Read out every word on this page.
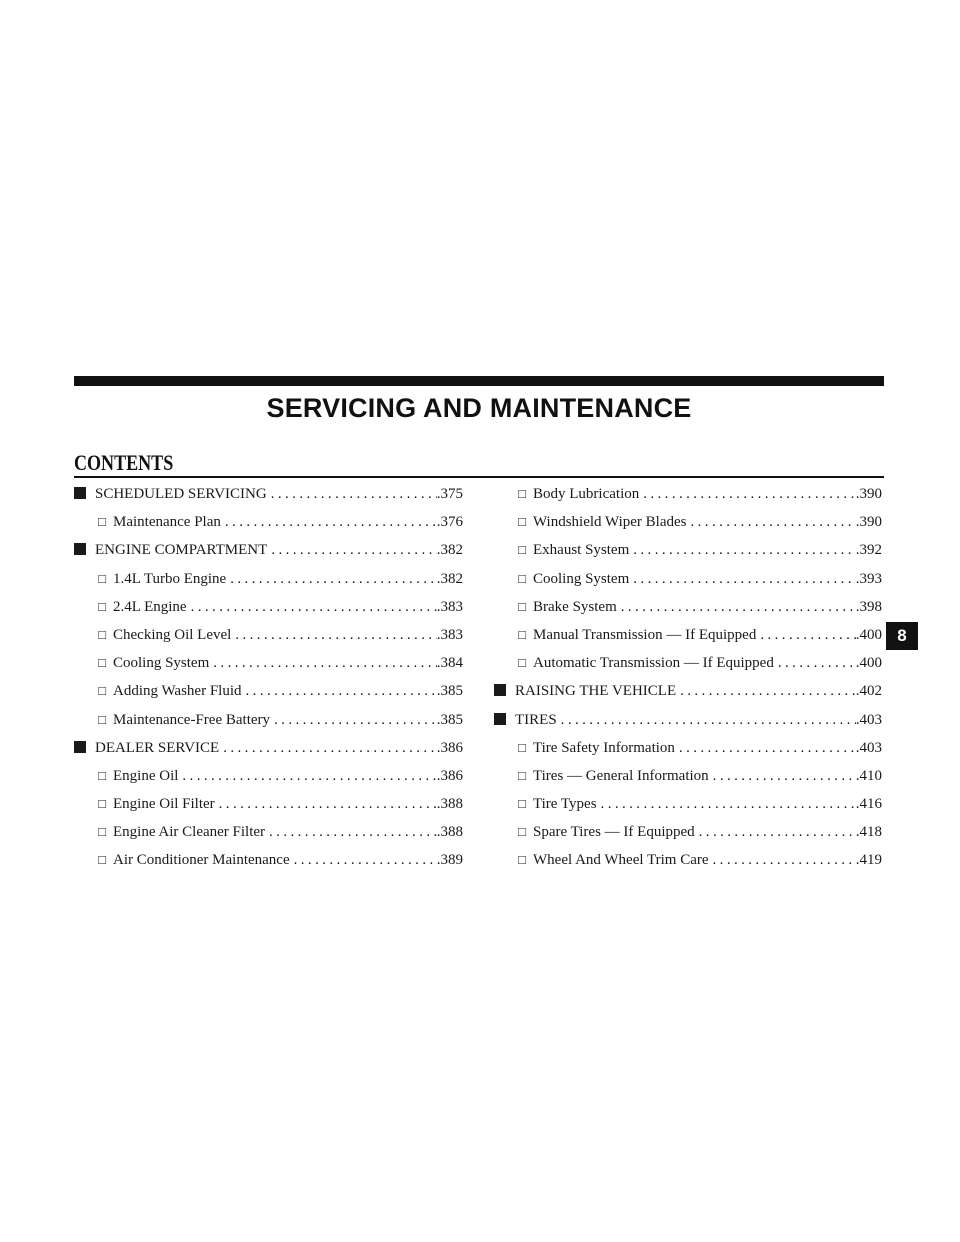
SERVICING AND MAINTENANCE
CONTENTS
SCHEDULED SERVICING .....	.375
□ Maintenance Plan .....	.376
ENGINE COMPARTMENT .....	.382
□ 1.4L Turbo Engine .....	.382
□ 2.4L Engine .....	.383
□ Checking Oil Level .....	.383
□ Cooling System .....	.384
□ Adding Washer Fluid .....	.385
□ Maintenance-Free Battery .....	.385
DEALER SERVICE .....	.386
□ Engine Oil .....	.386
□ Engine Oil Filter .....	.388
□ Engine Air Cleaner Filter .....	.388
□ Air Conditioner Maintenance .....	.389
□ Body Lubrication .....	.390
□ Windshield Wiper Blades .....	.390
□ Exhaust System .....	.392
□ Cooling System .....	.393
□ Brake System .....	.398
□ Manual Transmission — If Equipped .....	.400
□ Automatic Transmission — If Equipped .....	.400
RAISING THE VEHICLE .....	.402
TIRES .....	.403
□ Tire Safety Information .....	.403
□ Tires — General Information .....	.410
□ Tire Types .....	.416
□ Spare Tires — If Equipped .....	.418
□ Wheel And Wheel Trim Care .....	.419
8
